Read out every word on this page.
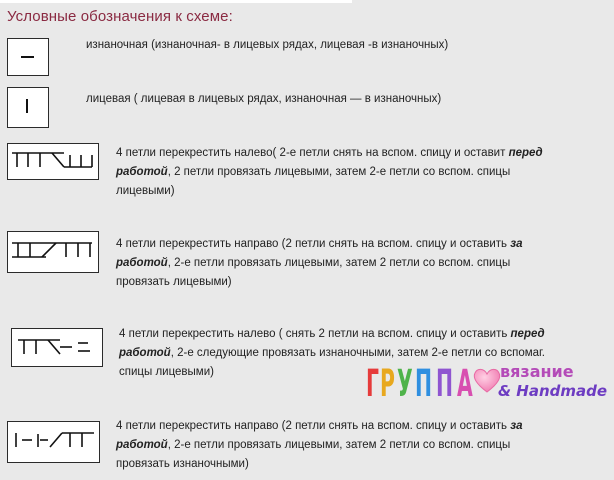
Условные обозначения к схеме:
изнаночная (изнаночная- в лицевых рядах, лицевая -в изнаночных)
лицевая ( лицевая в лицевых рядах, изнаночная — в изнаночных)
4 петли перекрестить налево( 2-е петли снять на вспом. спицу и оставит перед
работой, 2 петли провязать лицевыми, затем 2-е петли со вспом. спицы
лицевыми)
4 петли перекрестить направо (2 петли снять на вспом. спицу и оставить за
работой, 2-е петли провязать лицевыми, затем 2 петли со вспом. спицы
провязать лицевыми)
4 петли перекрестить налево ( снять 2 петли на вспом. спицу и оставить перед
работой, 2-е следующие провязать изнаночными, затем 2-е петли со вспомаг.
спицы лицевыми)
4 петли перекрестить направо (2 петли снять на вспом. спицу и оставить за
работой, 2-е петли провязать лицевыми, затем 2 петли со вспом. спицы
провязать изнаночными)
ГРУП П А вязание
& Handmade
